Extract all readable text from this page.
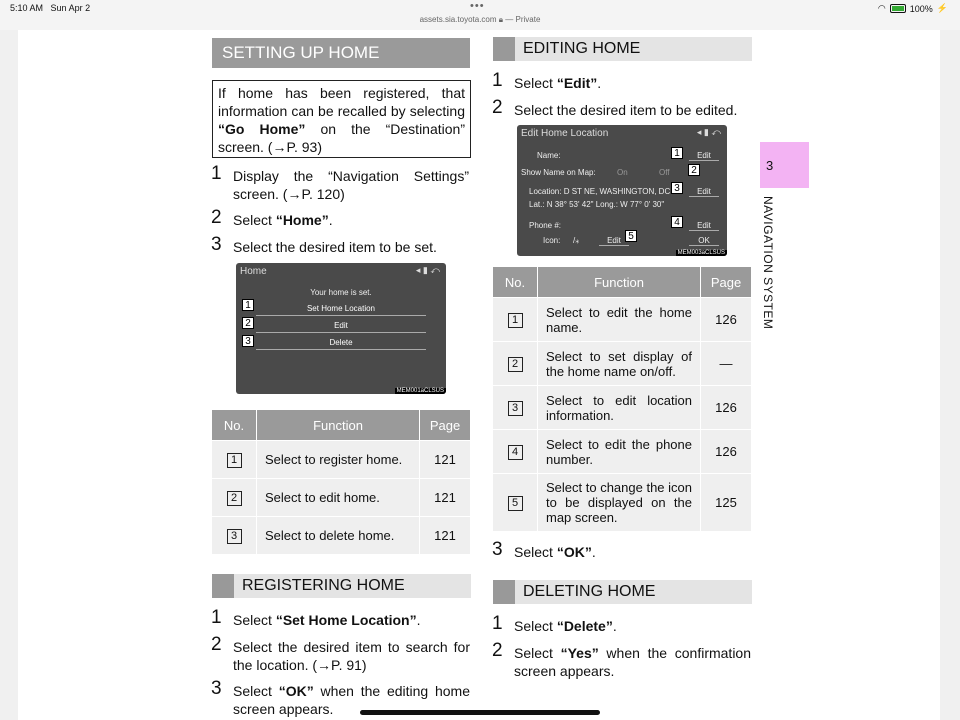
5:10 AM Sun Apr 2	•••
assets.sia.toyota.com 🔒︎ — Private
◠	100% ⚡
SETTING UP HOME
If home has been registered, that information can be recalled by selecting “Go Home” on the “Destination” screen. (→P. 93)
1 Display the “Navigation Settings” screen. (→P. 120)
2 Select “Home”.
3 Select the desired item to be set.
Home	◂ ▮ ⤺
Your home is set.
Set Home Location
Edit
Delete
1
2
3
MEM001aCLSUS
No.	Function	Page
1	Select to register home.	121
2	Select to edit home.	121
3	Select to delete home.	121
REGISTERING HOME
1 Select “Set Home Location”.
2 Select the desired item to search for the location. (→P. 91)
3 Select “OK” when the editing home screen appears.
EDITING HOME
1 Select “Edit”.
2 Select the desired item to be edited.
Edit Home Location	◂ ▮ ⤺
Name:	Edit
Show Name on Map:	On	Off
Location: D ST NE, WASHINGTON, DC	Edit
Lat.: N 38° 53' 42" Long.: W 77° 0' 30"
Phone #:	Edit
Icon: /⁎	Edit	OK
1
2
3
4
5
MEM003aCLSUS
No.	Function	Page
1	Select to edit the home name.	126
2	Select to set display of the home name on/off.	—
3	Select to edit location information.	126
4	Select to edit the phone number.	126
5	Select to change the icon to be displayed on the map screen.	125
3 Select “OK”.
DELETING HOME
1 Select “Delete”.
2 Select “Yes” when the confirmation screen appears.
3
NAVIGATION SYSTEM
